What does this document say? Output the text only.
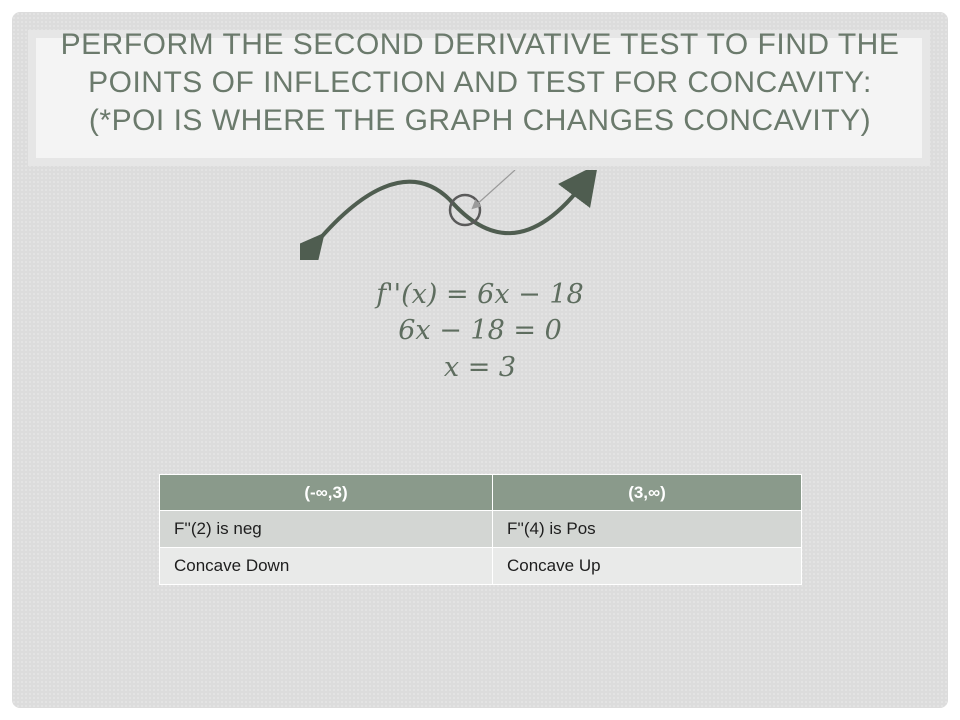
PERFORM THE SECOND DERIVATIVE TEST TO FIND THE POINTS OF INFLECTION AND TEST FOR CONCAVITY: (*POI IS WHERE THE GRAPH CHANGES CONCAVITY)
f''(x) = 6x − 18
6x − 18 = 0
x = 3
(-∞,3)	(3,∞)
F''(2) is neg	F''(4) is Pos
Concave Down	Concave Up
